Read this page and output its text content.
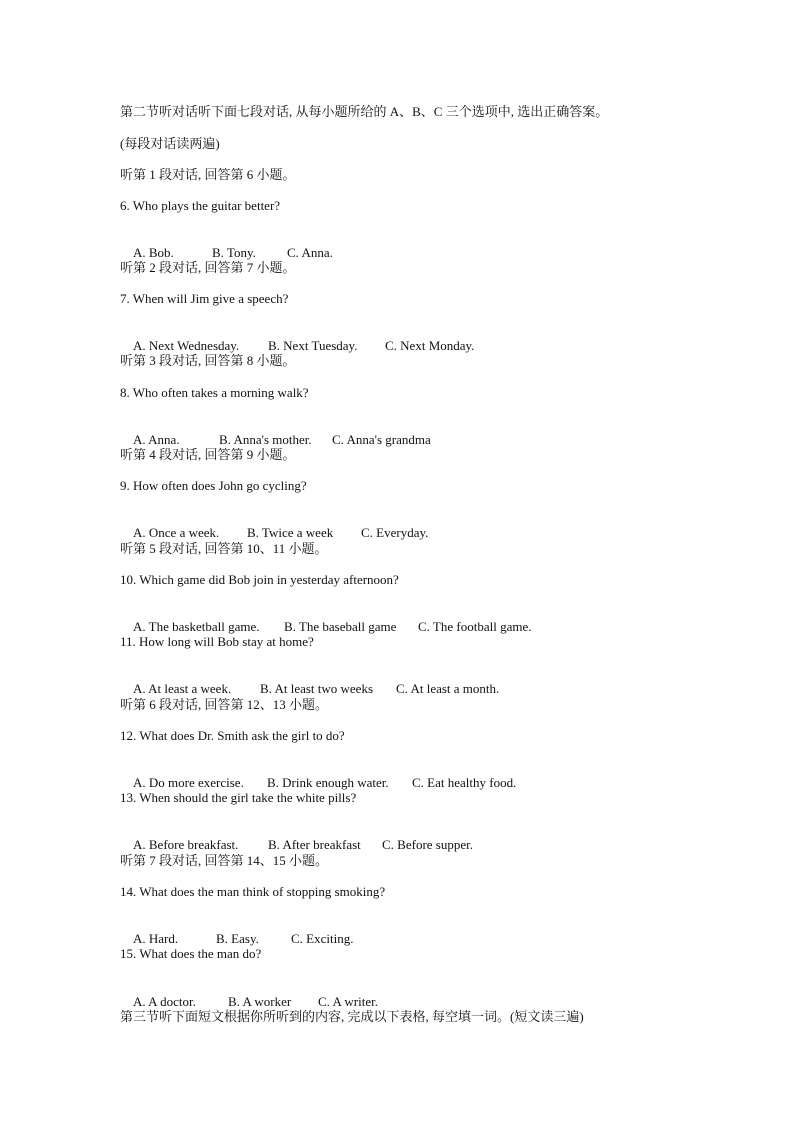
第二节听对话听下面七段对话, 从每小题所给的 A、B、C 三个选项中, 选出正确答案。
(每段对话读两遍)
听第 1 段对话, 回答第 6 小题。
6. Who plays the guitar better?

A. Bob.	B. Tony. C. Anna.

听第 2 段对话, 回答第 7 小题。
7. When will Jim give a speech?

A. Next Wednesday. B. Next Tuesday. C. Next Monday.

听第 3 段对话, 回答第 8 小题。
8. Who often takes a morning walk?

A. Anna.	B. Anna's mother. C. Anna's grandma

听第 4 段对话, 回答第 9 小题。
9. How often does John go cycling?

A. Once a week. B. Twice a week C. Everyday.

听第 5 段对话, 回答第 10、11 小题。
10. Which game did Bob join in yesterday afternoon?

A. The basketball game. B. The baseball game C. The football game.

11. How long will Bob stay at home?

A. At least a week. B. At least two weeks C. At least a month.

听第 6 段对话, 回答第 12、13 小题。
12. What does Dr. Smith ask the girl to do?

A. Do more exercise. B. Drink enough water. C. Eat healthy food.

13. When should the girl take the white pills?

A. Before breakfast. B. After breakfast C. Before supper.

听第 7 段对话, 回答第 14、15 小题。
14. What does the man think of stopping smoking?

A. Hard.	B. Easy. C. Exciting.

15. What does the man do?

A. A doctor. B. A worker C. A writer.

第三节听下面短文根据你所听到的内容, 完成以下表格, 每空填一词。(短文读三遍)
